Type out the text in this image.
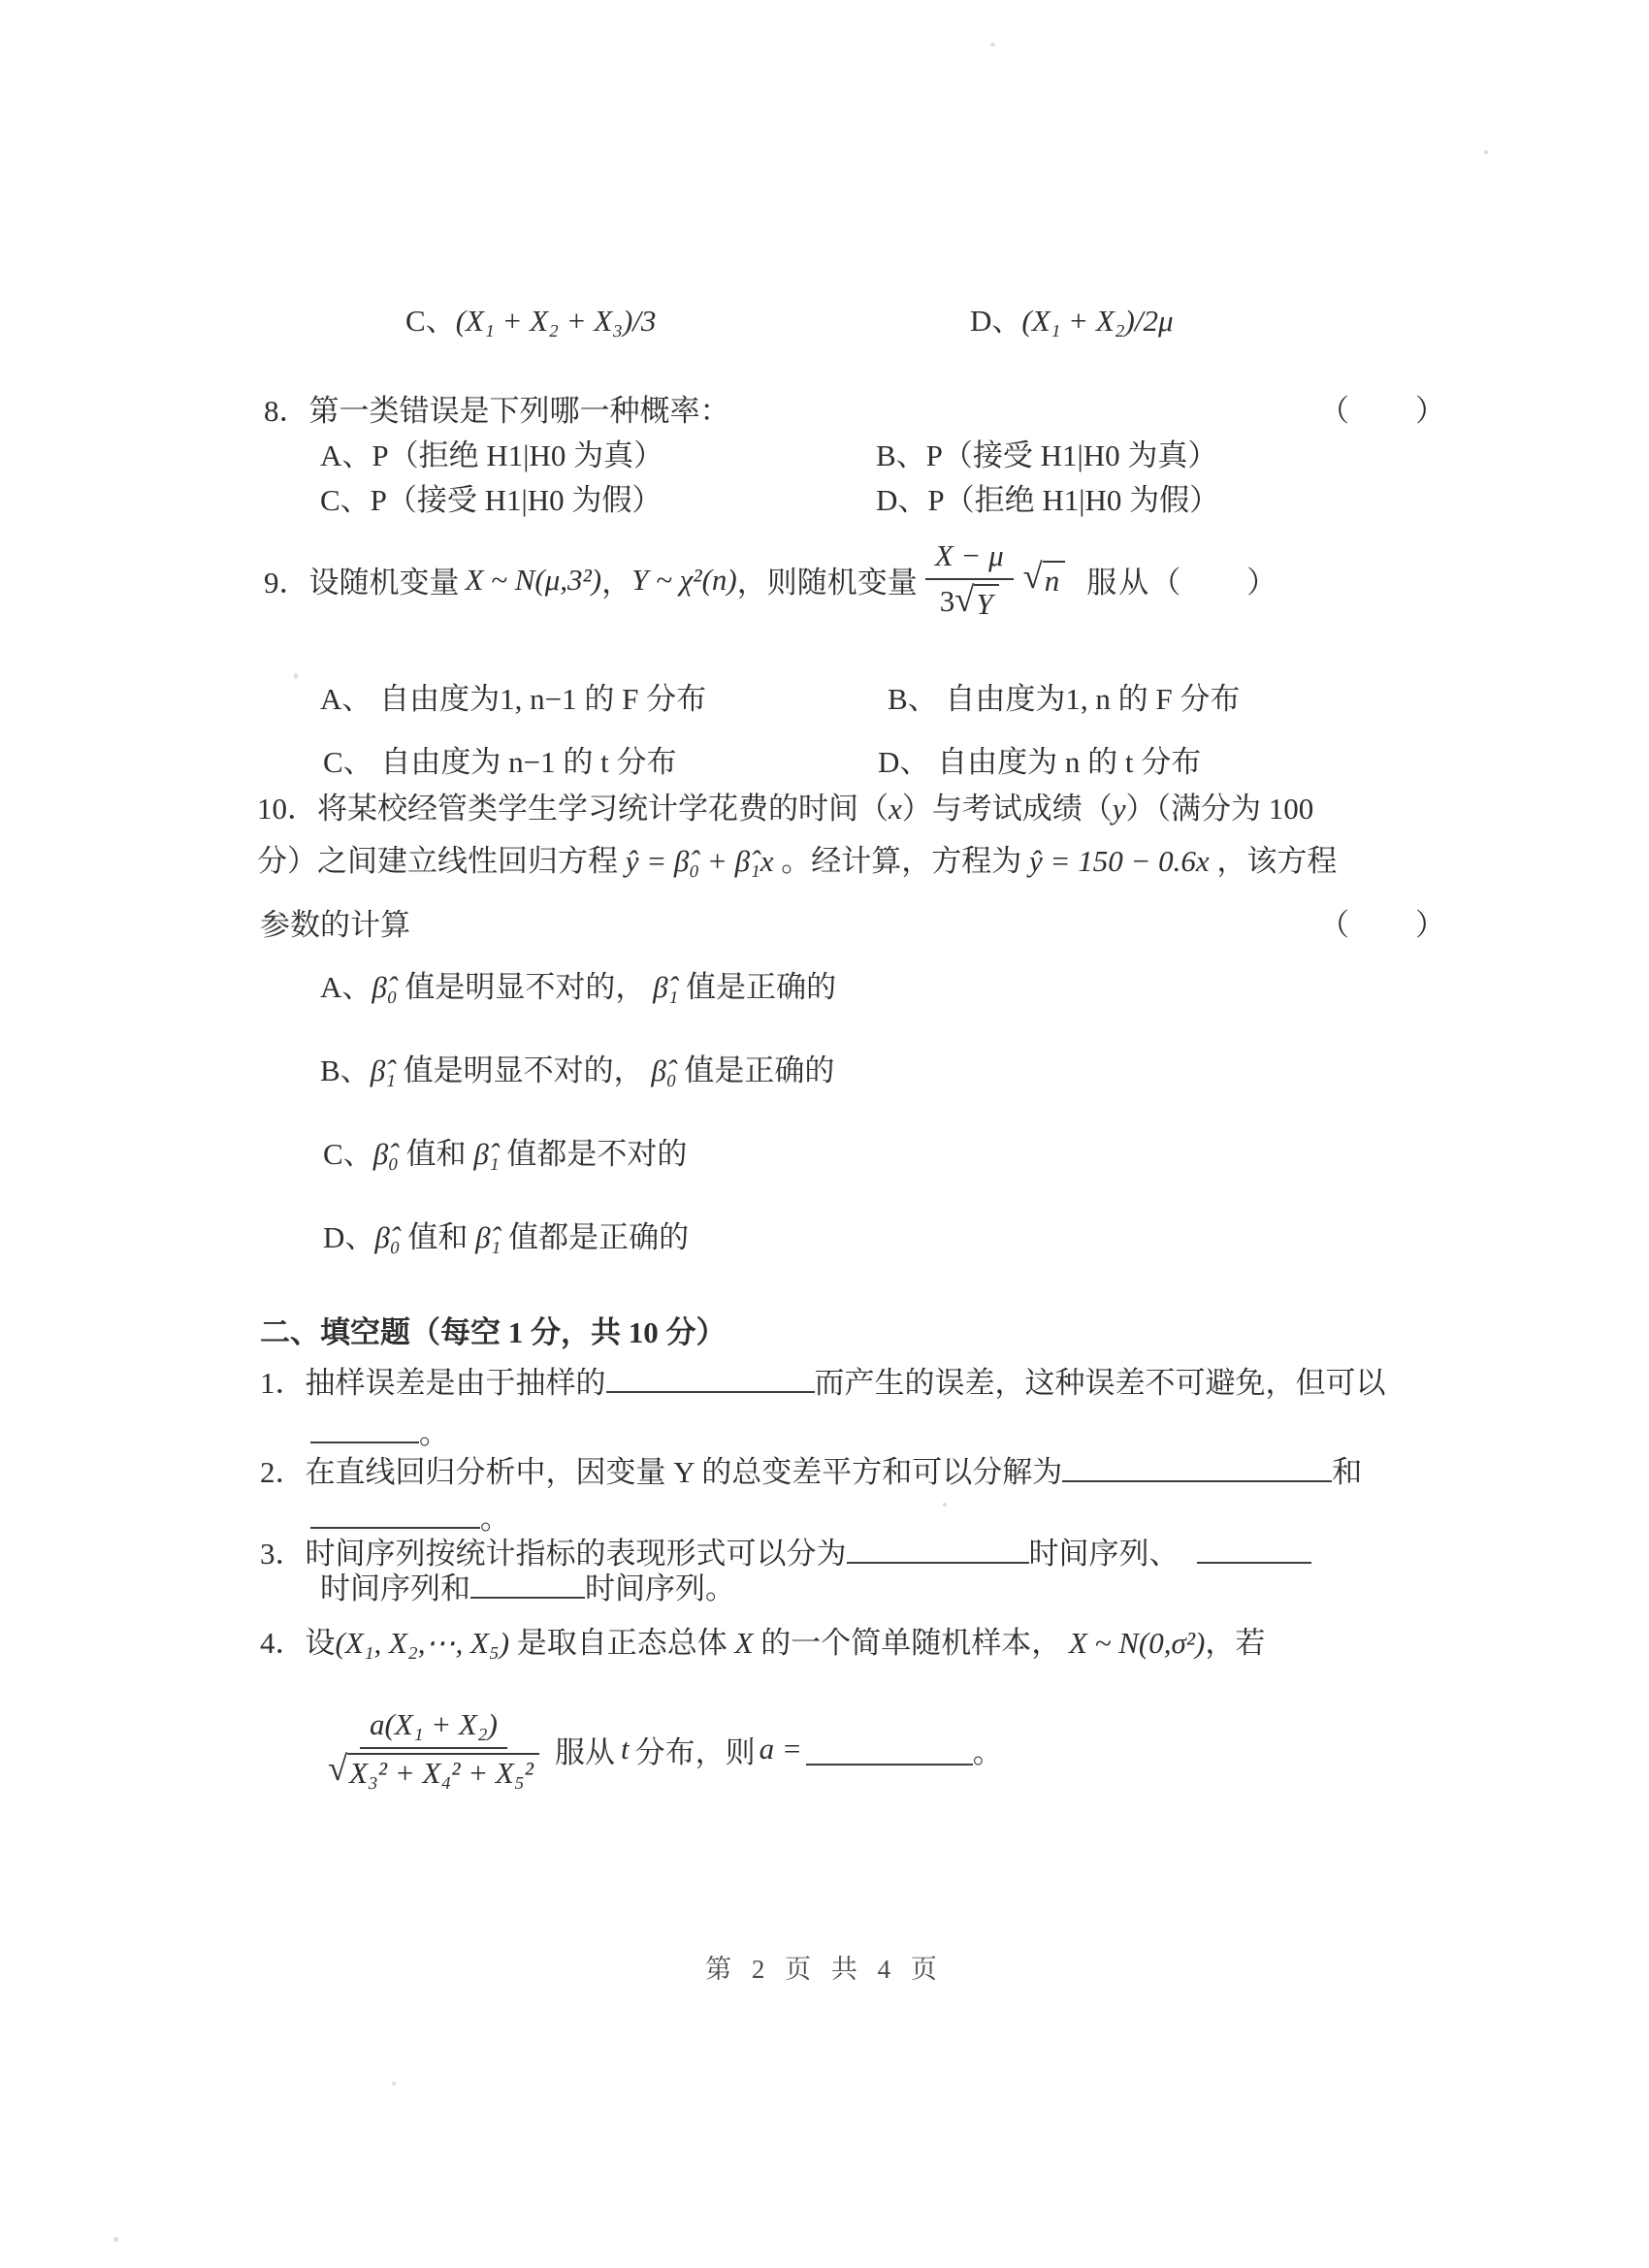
C、(X₁ + X₂ + X₃)/3	D、(X₁ + X₂)/2μ
8．第一类错误是下列哪一种概率：	（　　）
A、P（拒绝 H1|H0 为真）	B、P（接受 H1|H0 为真）
C、P（接受 H1|H0 为假）	D、P（拒绝 H1|H0 为假）
9．设随机变量 X ~ N(μ,3²) ， Y ~ χ²(n) ，则随机变量 $\frac{X - \mu}{3 √ Y}$ √ n 服从（　　）
A、 自由度为1, n−1 的 F 分布	B、 自由度为1, n 的 F 分布
C、 自由度为 n−1 的 t 分布	D、 自由度为 n 的 t 分布
10．将某校经管类学生学习统计学花费的时间（x）与考试成绩（y）（满分为 100
分）之间建立线性回归方程 ŷ = β̂₀ + β̂₁x 。经计算，方程为 ŷ = 150 − 0.6x ，该方程
参数的计算	（　　）
A、β̂₀ 值是明显不对的， β̂₁ 值是正确的
B、β̂₁ 值是明显不对的， β̂₀ 值是正确的
C、β̂₀ 值和 β̂₁ 值都是不对的
D、β̂₀ 值和 β̂₁ 值都是正确的
二、填空题（每空 1 分，共 10 分）
1．抽样误差是由于抽样的	而产生的误差，这种误差不可避免，但可以
。
2．在直线回归分析中，因变量 Y 的总变差平方和可以分解为	和
。
3．时间序列按统计指标的表现形式可以分为	时间序列、
时间序列和	时间序列。
4．设(X₁, X₂,⋯, X₅) 是取自正态总体 X 的一个简单随机样本， X ~ N(0,σ²)，若
$\frac{\text{a(X₁ + X₂)}}{\text{√ X₃² + X₄² + X₅²}}$ 服从 t 分布，则 a =	。
第 2 页 共 4 页
